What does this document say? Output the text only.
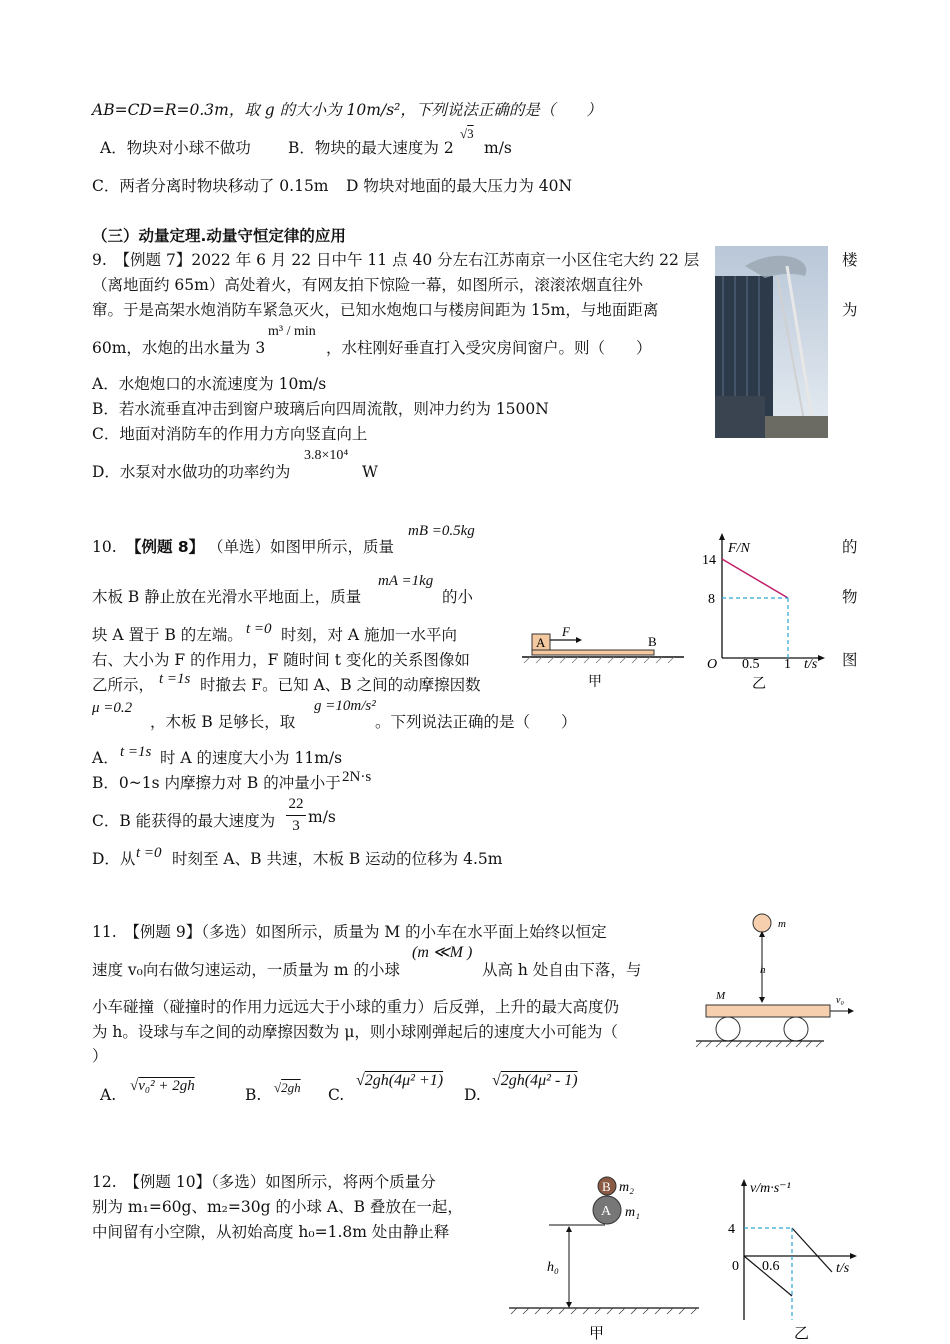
AB=CD=R=0.3m，取 g 的大小为 10m/s²，下列说法正确的是（　　）
A．物块对小球不做功 B．物块的最大速度为 2
√3
m/s
C．两者分离时物块移动了 0.15m D 物块对地面的最大压力为 40N
（三）动量定理.动量守恒定律的应用
9.　【例题 7】2022 年 6 月 22 日中午 11 点 40 分左右江苏南京一小区住宅大约 22 层	楼
（离地面约 65m）高处着火，有网友拍下惊险一幕，如图所示，滚滚浓烟直往外
窜。于是高架水炮消防车紧急灭火，已知水炮炮口与楼房间距为 15m，与地面距离	为
60m，水炮的出水量为 3
m³ / min
，水柱刚好垂直打入受灾房间窗户。则（　　）
A．水炮炮口的水流速度为 10m/s
B．若水流垂直冲击到窗户玻璃后向四周流散，则冲力约为 1500N
C．地面对消防车的作用力方向竖直向上
D．水泵对水做功的功率约为
3.8×10⁴
W
10.　
【例题 8】 （单选）如图甲所示，质量
mB =0.5kg
的
木板 B 静止放在光滑水平地面上，质量
mA =1kg
的小	物
块 A 置于 B 的左端。 t =0 时刻，对 A 施加一水平向
右、大小为 F 的作用力，F 随时间 t 变化的关系图像如	图
乙所示， t =1s 时撤去 F。已知 A、B 之间的动摩擦因数
μ =0.2
，木板 B 足够长，取
g =10m/s²
。下列说法正确的是（　　）
A． t =1s 时 A 的速度大小为 11m/s
B．0~1s 内摩擦力对 B 的冲量小于 2N·s
C．B 能获得的最大速度为
22
3 m/s
D．从 t =0 时刻至 A、B 共速，木板 B 运动的位移为 4.5m
A
F
B
甲
F/N
t/s
O
14
8
0.5 1
乙
11.　【例题 9】（多选）如图所示，质量为 M 的小车在水平面上始终以恒定
速度 v₀向右做匀速运动，一质量为 m 的小球
(m ≪M )
从高 h 处自由下落，与
小车碰撞（碰撞时的作用力远远大于小球的重力）后反弹，上升的最大高度仍
为 h。设球与车之间的动摩擦因数为 μ，则小球刚弹起后的速度大小可能为（
）
A. √v₀² + 2gh	B. √2gh C.
√2gh(4μ² +1)
D.
√2gh(4μ² - 1)
m
h
M	v₀
12.　【例题 10】（多选）如图所示，将两个质量分
别为 m₁=60g、m₂=30g 的小球 A、B 叠放在一起，
中间留有小空隙，从初始高度 h₀=1.8m 处由静止释
B m₂
A m₁
h₀
甲
v/m·s⁻¹
t/s
0
4
0.6
乙
